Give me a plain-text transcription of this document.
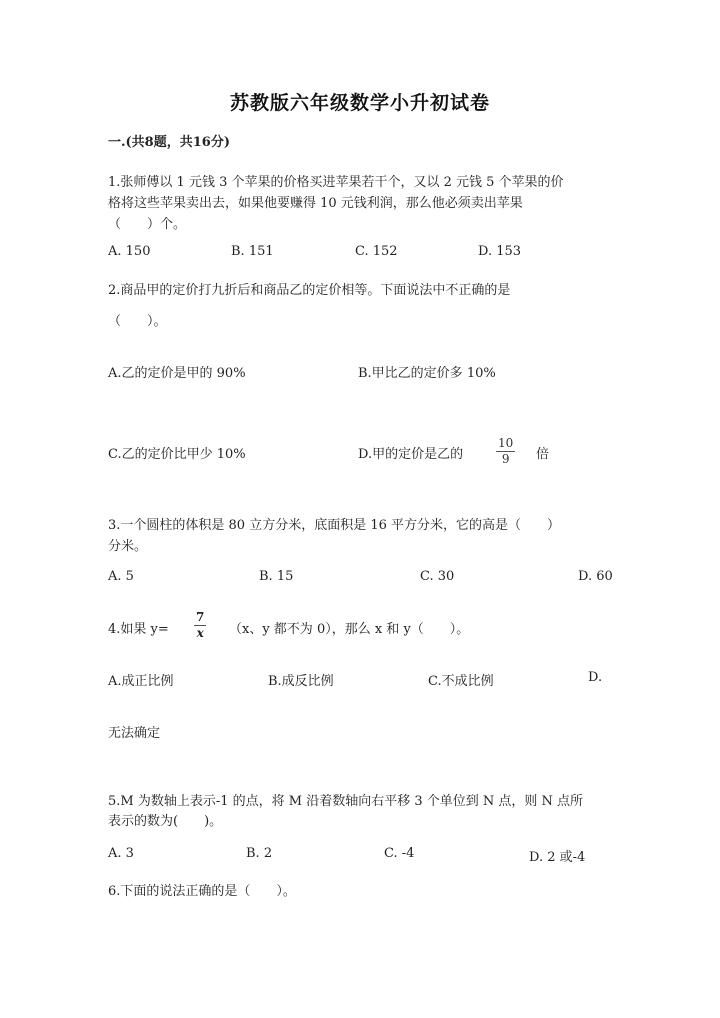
苏教版六年级数学小升初试卷
一.(共8题，共16分)
1.张师傅以 1 元钱 3 个苹果的价格买进苹果若干个，又以 2 元钱 5 个苹果的价
格将这些苹果卖出去，如果他要赚得 10 元钱利润，那么他必须卖出苹果
（　　）个。
A. 150	B. 151	C. 152	D. 153
2.商品甲的定价打九折后和商品乙的定价相等。下面说法中不正确的是
（　　）。
A.乙的定价是甲的 90%	B.甲比乙的定价多 10%
C.乙的定价比甲少 10%	D.甲的定价是乙的	$\frac{10}{9}$ 倍
3.一个圆柱的体积是 80 立方分米，底面积是 16 平方分米，它的高是（　　）
分米。
A. 5	B. 15	C. 30	D. 60
4.如果 $y= \frac{7}{x} (x$、y 都不为 0），那么 x 和 y（　　）。
A.成正比例	B.成反比例	C.不成比例	D.
无法确定
5.M 为数轴上表示-1 的点，将 M 沿着数轴向右平移 3 个单位到 N 点，则 N 点所
表示的数为(　　)。
A. 3	B. 2	C. -4	D. 2 或-4
6.下面的说法正确的是（　　）。
